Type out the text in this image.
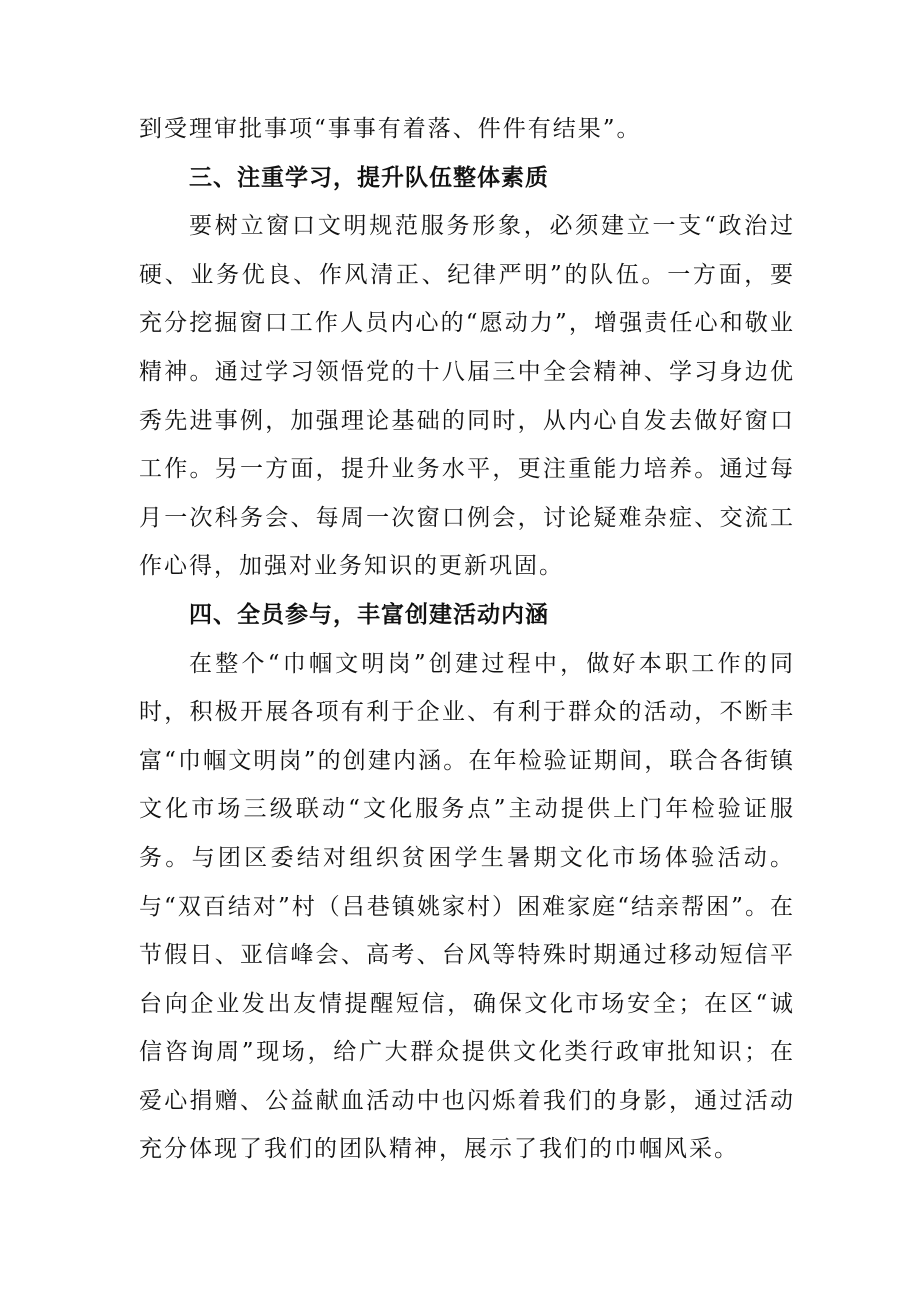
到受理审批事项“事事有着落、件件有结果”。

三、注重学习，提升队伍整体素质

要树立窗口文明规范服务形象，必须建立一支“政治过硬、业务优良、作风清正、纪律严明”的队伍。一方面，要充分挖掘窗口工作人员内心的“愿动力”，增强责任心和敬业精神。通过学习领悟党的十八届三中全会精神、学习身边优秀先进事例，加强理论基础的同时，从内心自发去做好窗口工作。另一方面，提升业务水平，更注重能力培养。通过每月一次科务会、每周一次窗口例会，讨论疑难杂症、交流工作心得，加强对业务知识的更新巩固。

四、全员参与，丰富创建活动内涵

在整个“巾帼文明岗”创建过程中，做好本职工作的同时，积极开展各项有利于企业、有利于群众的活动，不断丰富“巾帼文明岗”的创建内涵。在年检验证期间，联合各街镇文化市场三级联动“文化服务点”主动提供上门年检验证服务。与团区委结对组织贫困学生暑期文化市场体验活动。与“双百结对”村（吕巷镇姚家村）困难家庭“结亲帮困”。在节假日、亚信峰会、高考、台风等特殊时期通过移动短信平台向企业发出友情提醒短信，确保文化市场安全；在区“诚信咨询周”现场，给广大群众提供文化类行政审批知识；在爱心捐赠、公益献血活动中也闪烁着我们的身影，通过活动充分体现了我们的团队精神，展示了我们的巾帼风采。
